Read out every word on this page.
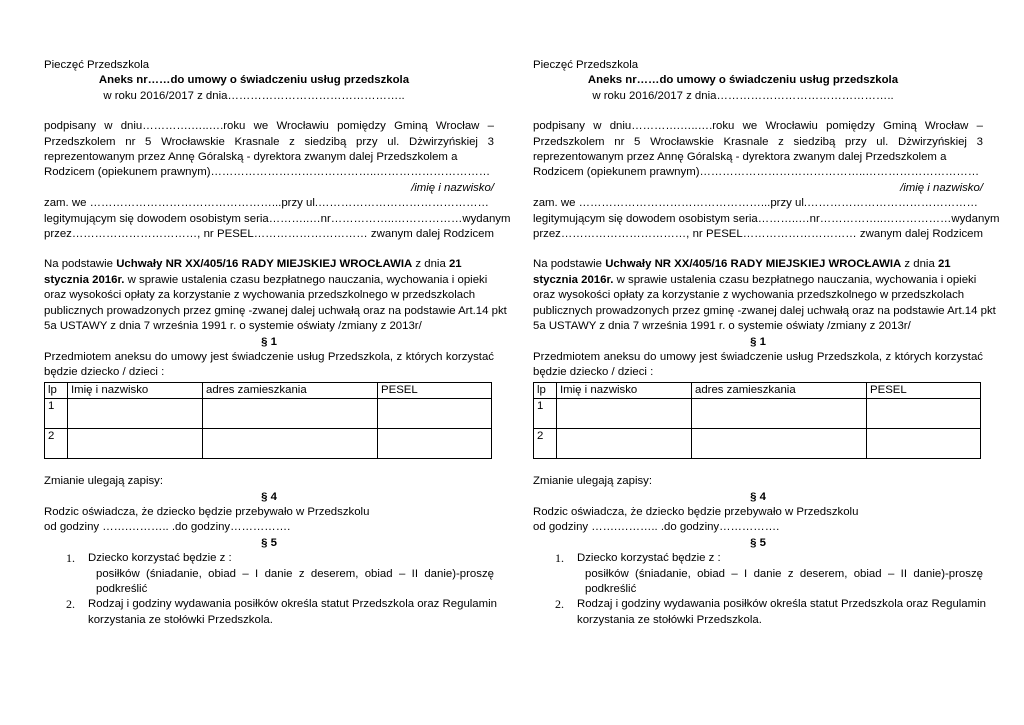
Pieczęć Przedszkola
Aneks nr……do umowy o świadczeniu usług przedszkola
w roku 2016/2017 z dnia………………………………………..
podpisany w dniu………….…..….roku we Wrocławiu pomiędzy Gminą Wrocław –
Przedszkolem nr 5 Wrocławskie Krasnale z siedzibą przy ul. Dżwirzyńskiej 3
reprezentowanym przez Annę Góralską - dyrektora zwanym dalej Przedszkolem a
Rodzicem (opiekunem prawnym)……………………………………..…………………………
/imię i nazwisko/
zam. we …………………………………………...przy ul.………………………………………
legitymującym się dowodem osobistym seria………..…nr……………..………………wydanym
przez……………………………, nr PESEL………………………… zwanym dalej Rodzicem
Na podstawie Uchwały NR XX/405/16 RADY MIEJSKIEJ WROCŁAWIA z dnia 21
stycznia 2016r. w sprawie ustalenia czasu bezpłatnego nauczania, wychowania i opieki
oraz wysokości opłaty za korzystanie z wychowania przedszkolnego w przedszkolach
publicznych prowadzonych przez gminę -zwanej dalej uchwałą oraz na podstawie Art.14 pkt
5a USTAWY z dnia 7 września 1991 r. o systemie oświaty /zmiany z 2013r/
§ 1
Przedmiotem aneksu do umowy jest świadczenie usług Przedszkola, z których korzystać
będzie dziecko / dzieci :
lp	Imię i nazwisko	adres zamieszkania	PESEL
1			
2			
Zmianie ulegają zapisy:
§ 4
Rodzic oświadcza, że dziecko będzie przebywało w Przedszkolu
od godziny …….……….. .do godziny…………….
§ 5
1. Dziecko korzystać będzie z :
posiłków (śniadanie, obiad – I danie z deserem, obiad – II danie)-proszę
podkreślić
2. Rodzaj i godziny wydawania posiłków określa statut Przedszkola oraz Regulamin
korzystania ze stołówki Przedszkola.
Pieczęć Przedszkola
Aneks nr……do umowy o świadczeniu usług przedszkola
w roku 2016/2017 z dnia………………………………………..
podpisany w dniu………….…..….roku we Wrocławiu pomiędzy Gminą Wrocław –
Przedszkolem nr 5 Wrocławskie Krasnale z siedzibą przy ul. Dżwirzyńskiej 3
reprezentowanym przez Annę Góralską - dyrektora zwanym dalej Przedszkolem a
Rodzicem (opiekunem prawnym)……………………………………..…………………………
/imię i nazwisko/
zam. we …………………………………………...przy ul.………………………………………
legitymującym się dowodem osobistym seria………..…nr……………..………………wydanym
przez……………………………, nr PESEL………………………… zwanym dalej Rodzicem
Na podstawie Uchwały NR XX/405/16 RADY MIEJSKIEJ WROCŁAWIA z dnia 21
stycznia 2016r. w sprawie ustalenia czasu bezpłatnego nauczania, wychowania i opieki
oraz wysokości opłaty za korzystanie z wychowania przedszkolnego w przedszkolach
publicznych prowadzonych przez gminę -zwanej dalej uchwałą oraz na podstawie Art.14 pkt
5a USTAWY z dnia 7 września 1991 r. o systemie oświaty /zmiany z 2013r/
§ 1
Przedmiotem aneksu do umowy jest świadczenie usług Przedszkola, z których korzystać
będzie dziecko / dzieci :
lp	Imię i nazwisko	adres zamieszkania	PESEL
1			
2			
Zmianie ulegają zapisy:
§ 4
Rodzic oświadcza, że dziecko będzie przebywało w Przedszkolu
od godziny …….……….. .do godziny…………….
§ 5
1. Dziecko korzystać będzie z :
posiłków (śniadanie, obiad – I danie z deserem, obiad – II danie)-proszę
podkreślić
2. Rodzaj i godziny wydawania posiłków określa statut Przedszkola oraz Regulamin
korzystania ze stołówki Przedszkola.
